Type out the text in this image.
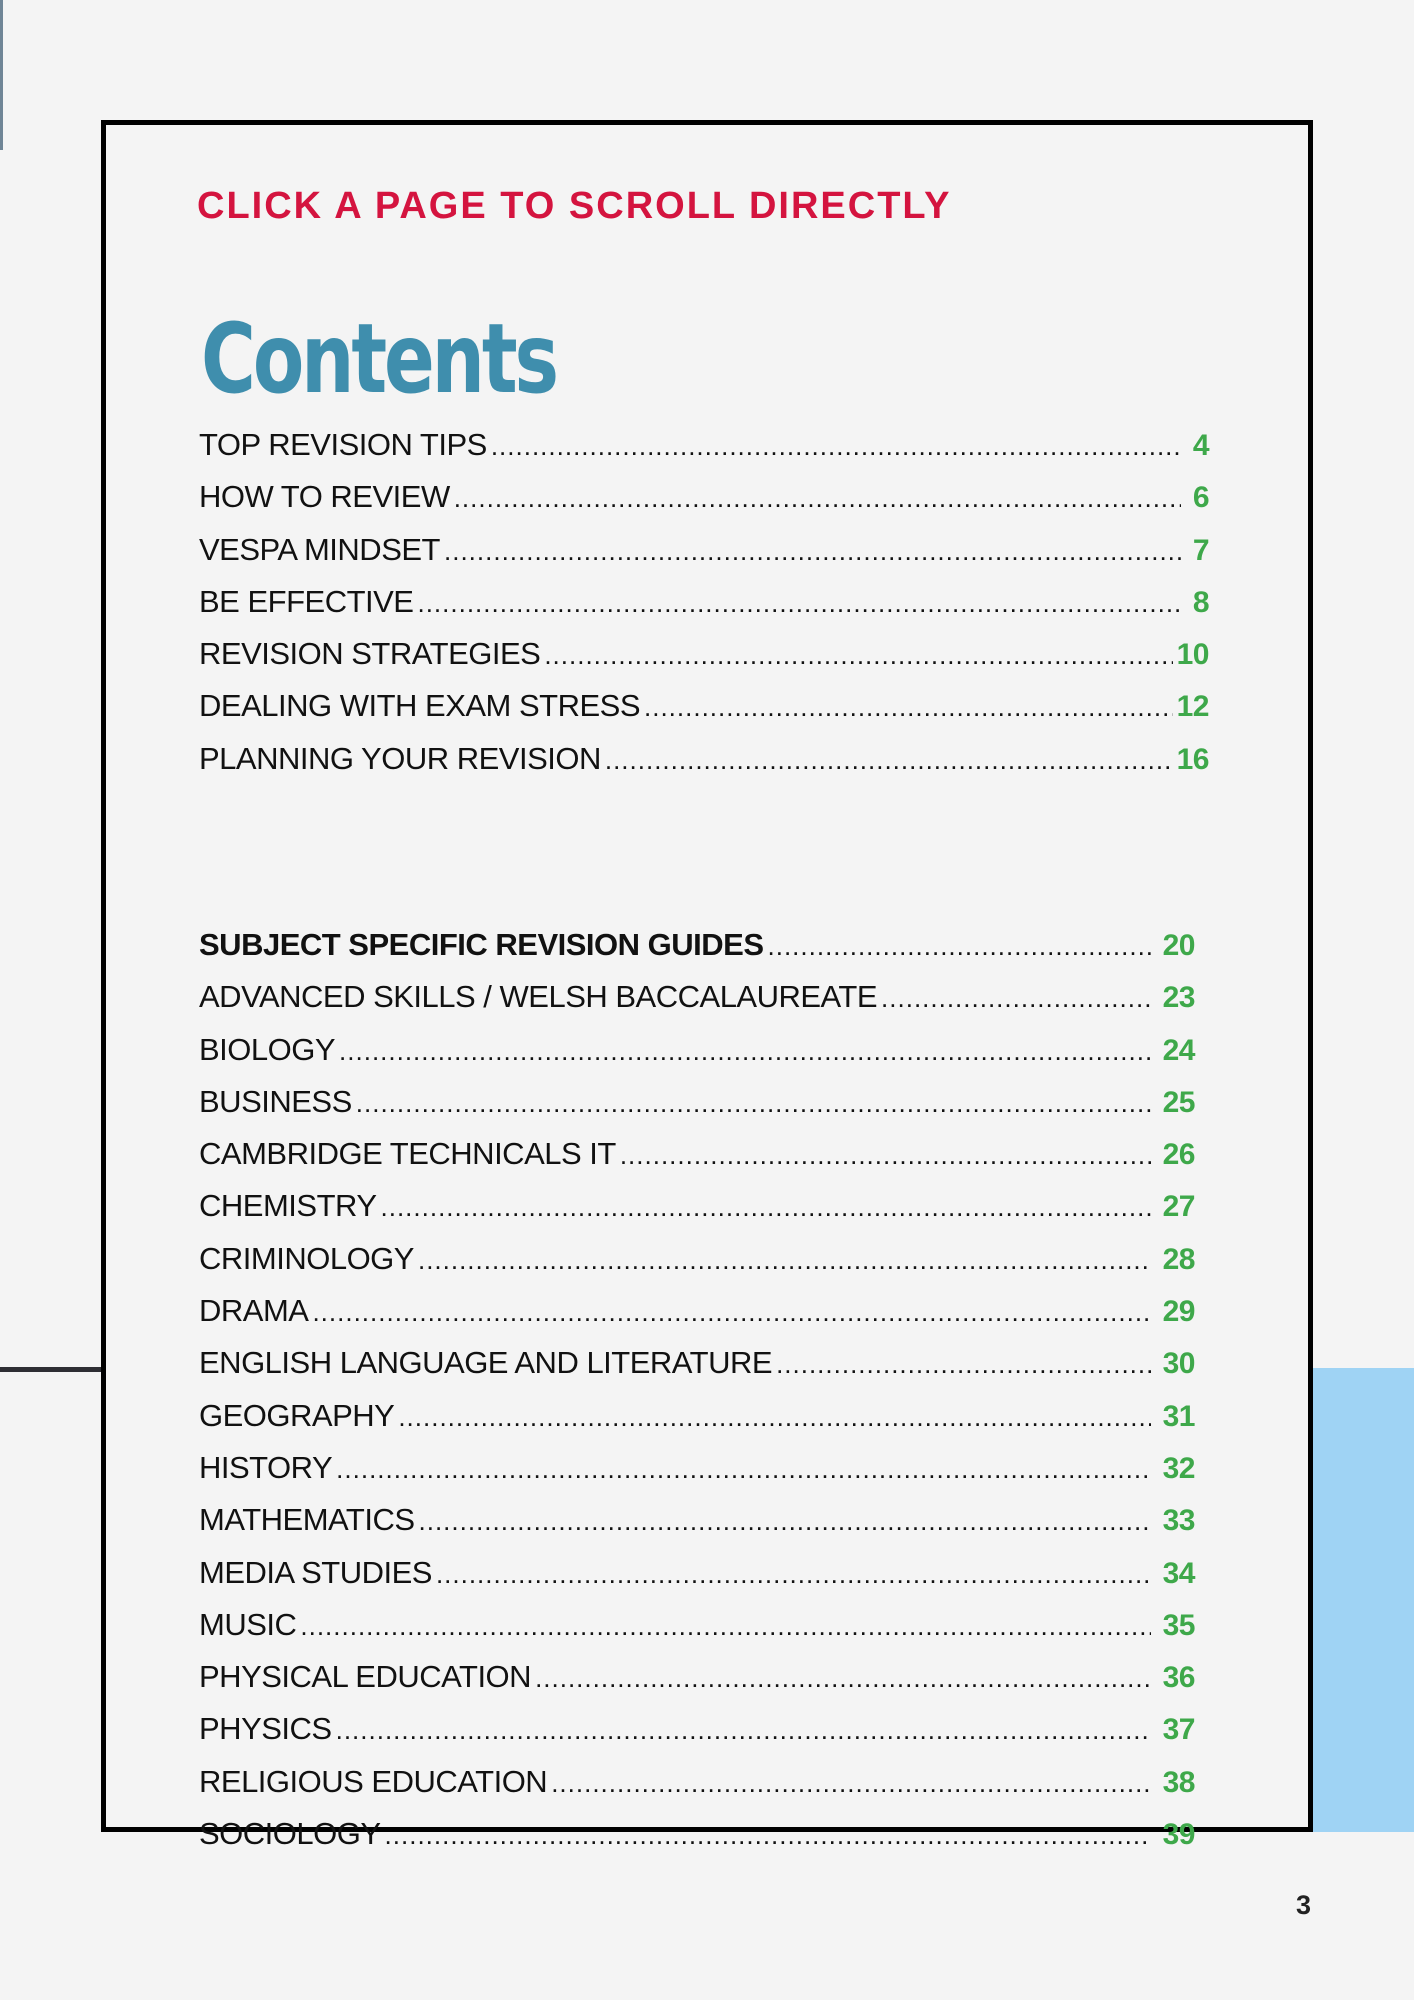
CLICK A PAGE TO SCROLL DIRECTLY
Contents
TOP REVISION TIPS .....	4
HOW TO REVIEW .....	6
VESPA MINDSET .....	7
BE EFFECTIVE .....	8
REVISION STRATEGIES .....	10
DEALING WITH EXAM STRESS .....	12
PLANNING YOUR REVISION .....	16
SUBJECT SPECIFIC REVISION GUIDES .....	20
ADVANCED SKILLS / WELSH BACCALAUREATE .....	23
BIOLOGY .....	24
BUSINESS .....	25
CAMBRIDGE TECHNICALS IT .....	26
CHEMISTRY .....	27
CRIMINOLOGY .....	28
DRAMA .....	29
ENGLISH LANGUAGE AND LITERATURE .....	30
GEOGRAPHY .....	31
HISTORY .....	32
MATHEMATICS .....	33
MEDIA STUDIES .....	34
MUSIC .....	35
PHYSICAL EDUCATION .....	36
PHYSICS .....	37
RELIGIOUS EDUCATION .....	38
SOCIOLOGY .....	39
3
